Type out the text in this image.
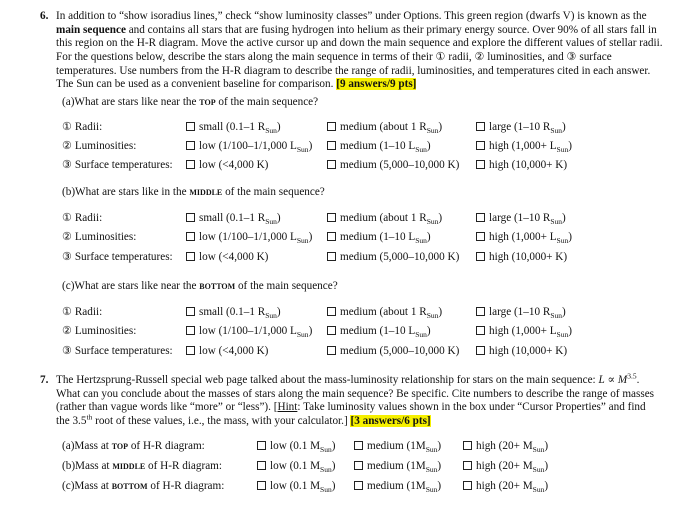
6. In addition to “show isoradius lines,” check “show luminosity classes” under Options. This green region (dwarfs V) is known as the main sequence and contains all stars that are fusing hydrogen into helium as their primary energy source. Over 90% of all stars fall in this region on the H-R diagram. Move the active cursor up and down the main sequence and explore the different values of stellar radii. For the questions below, describe the stars along the main sequence in terms of their ① radii, ② luminosities, and ③ surface temperatures. Use numbers from the H-R diagram to describe the range of radii, luminosities, and temperatures cited in each answer. The Sun can be used as a convenient baseline for comparison. [9 answers/9 pts]
(a)What are stars like near the top of the main sequence?
① Radii:	small (0.1–1 $R_{Sun}$)	medium (about 1 $R_{Sun}$)	large (1–10 $R_{Sun}$)
② Luminosities:	low (1/100–1/1,000 $L_{Sun}$)	medium (1–10 $L_{Sun}$)	high $(1,000+ L_{Sun})$
③ Surface temperatures:	low (<4,000 K)	medium (5,000–10,000 K)	high (10,000+ K)
(b)What are stars like in the middle of the main sequence?
① Radii:	small (0.1–1 $R_{Sun}$)	medium (about 1 $R_{Sun}$)	large (1–10 $R_{Sun}$)
② Luminosities:	low (1/100–1/1,000 $L_{Sun}$)	medium (1–10 $L_{Sun}$)	high $(1,000+ L_{Sun})$
③ Surface temperatures:	low (<4,000 K)	medium (5,000–10,000 K)	high (10,000+ K)
(c)What are stars like near the bottom of the main sequence?
① Radii:	small (0.1–1 $R_{Sun}$)	medium (about 1 $R_{Sun}$)	large (1–10 $R_{Sun}$)
② Luminosities:	low (1/100–1/1,000 $L_{Sun}$)	medium (1–10 $L_{Sun}$)	high $(1,000+ L_{Sun})$
③ Surface temperatures:	low (<4,000 K)	medium (5,000–10,000 K)	high (10,000+ K)
7. The Hertzsprung-Russell special web page talked about the mass-luminosity relationship for stars on the main sequence: $L \propto M^{3.5}$. What can you conclude about the masses of stars along the main sequence? Be specific. Cite numbers to describe the range of masses (rather than vague words like “more” or “less”). [Hint: Take luminosity values shown in the box under “Cursor Properties” and find the 3.5th root of these values, i.e., the mass, with your calculator.] [3 answers/6 pts]
(a)Mass at top of H-R diagram:	low (0.1 $M_{Sun}$)	medium $(1M_{Sun})$	high $(20+ M_{Sun})$
(b)Mass at middle of H-R diagram:	low (0.1 $M_{Sun}$)	medium $(1M_{Sun})$	high $(20+ M_{Sun})$
(c)Mass at bottom of H-R diagram:	low (0.1 $M_{Sun}$)	medium $(1M_{Sun})$	high $(20+ M_{Sun})$
